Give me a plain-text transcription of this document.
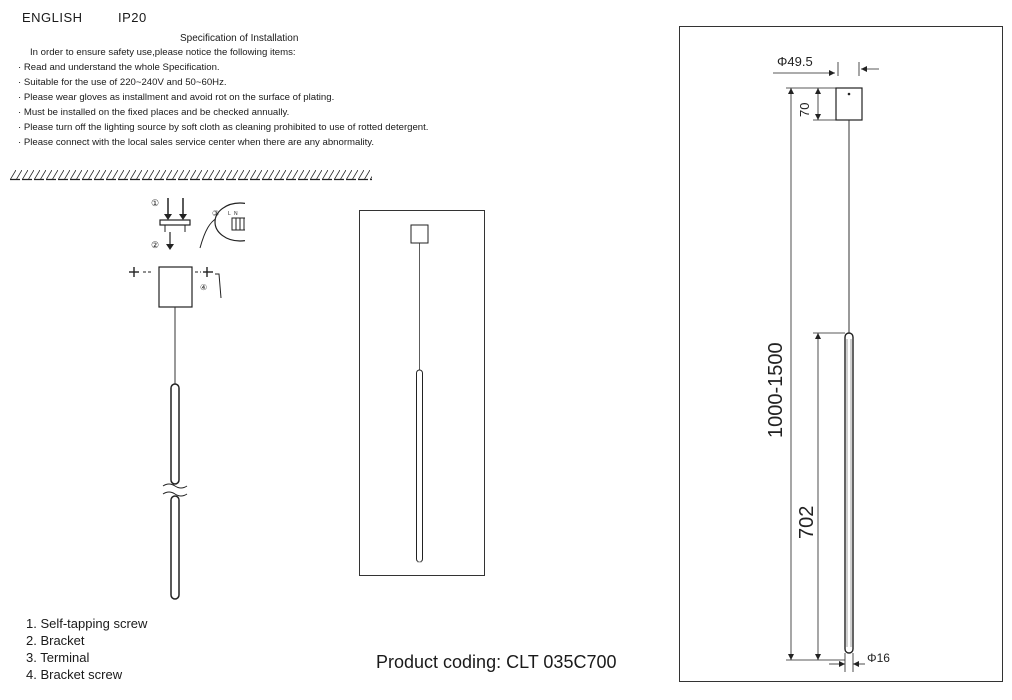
ENGLISH	IP20
Specification of Installation
In order to ensure safety use,please notice the following items:
· Read and understand the whole Specification.
· Suitable for the use of 220~240V and 50~60Hz.
· Please wear gloves as installment and avoid rot on the surface of plating.
· Must be installed on the fixed places and be checked annually.
· Please turn off the lighting source by soft cloth as cleaning prohibited to use of rotted detergent.
· Please connect with the local sales service center when there are any abnormality.
L N
①
②
③
④
1. Self-tapping screw
2. Bracket
3. Terminal
4. Bracket screw
Product coding: CLT 035C700
Φ49.5
70
1000-1500
702
Φ16
